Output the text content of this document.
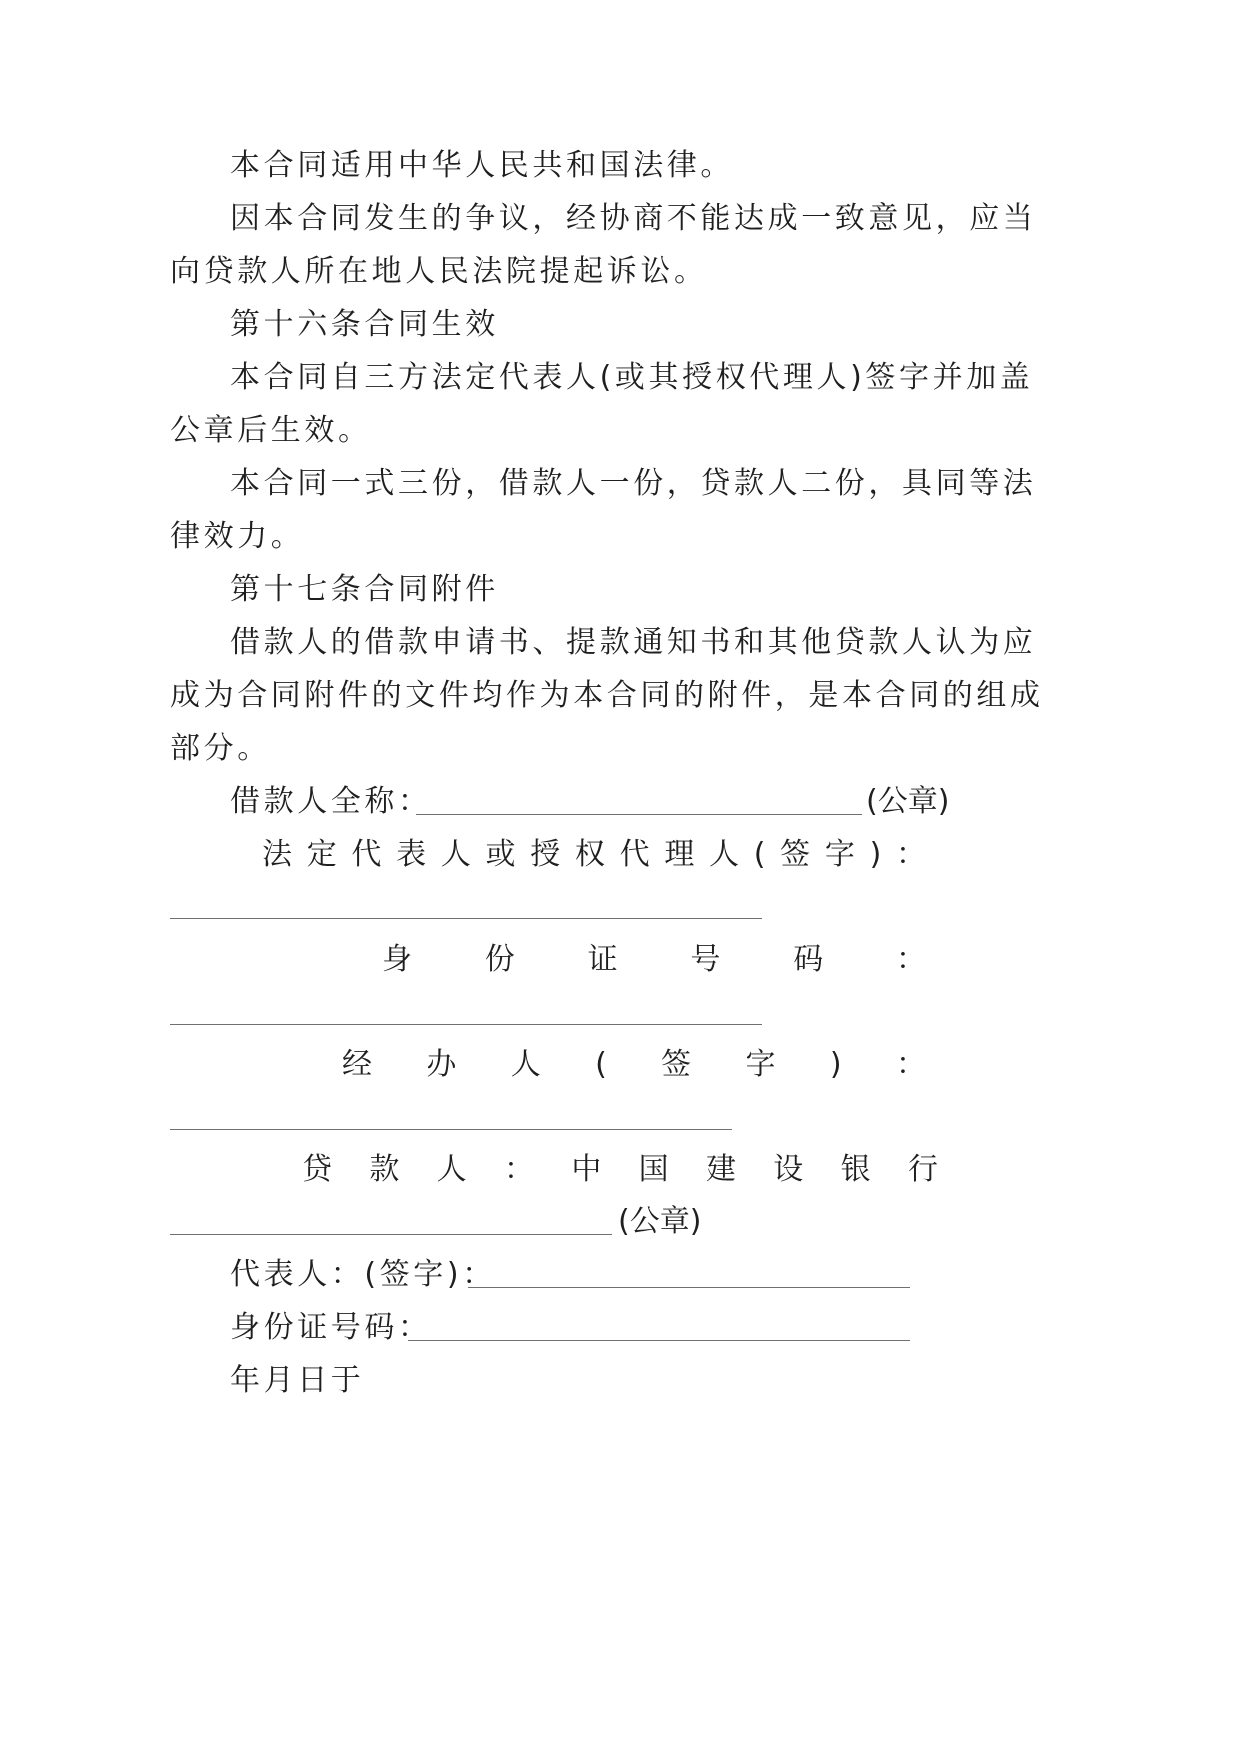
本合同适用中华人民共和国法律。
因本合同发生的争议，经协商不能达成一致意见，应当
向贷款人所在地人民法院提起诉讼。
第十六条合同生效
本合同自三方法定代表人(或其授权代理人)签字并加盖
公章后生效。
本合同一式三份，借款人一份，贷款人二份，具同等法
律效力。
第十七条合同附件
借款人的借款申请书、提款通知书和其他贷款人认为应
成为合同附件的文件均作为本合同的附件，是本合同的组成
部分。
借款人全称：	(公章)
法 定 代 表 人 或 授 权 代 理 人 ( 签 字 ) ：
身 份 证 号 码 ：
经 办 人 ( 签 字 ) ：
贷 款 人 ： 中 国 建 设 银 行
(公章)
代表人：(签字)：
身份证号码：
年月日于
